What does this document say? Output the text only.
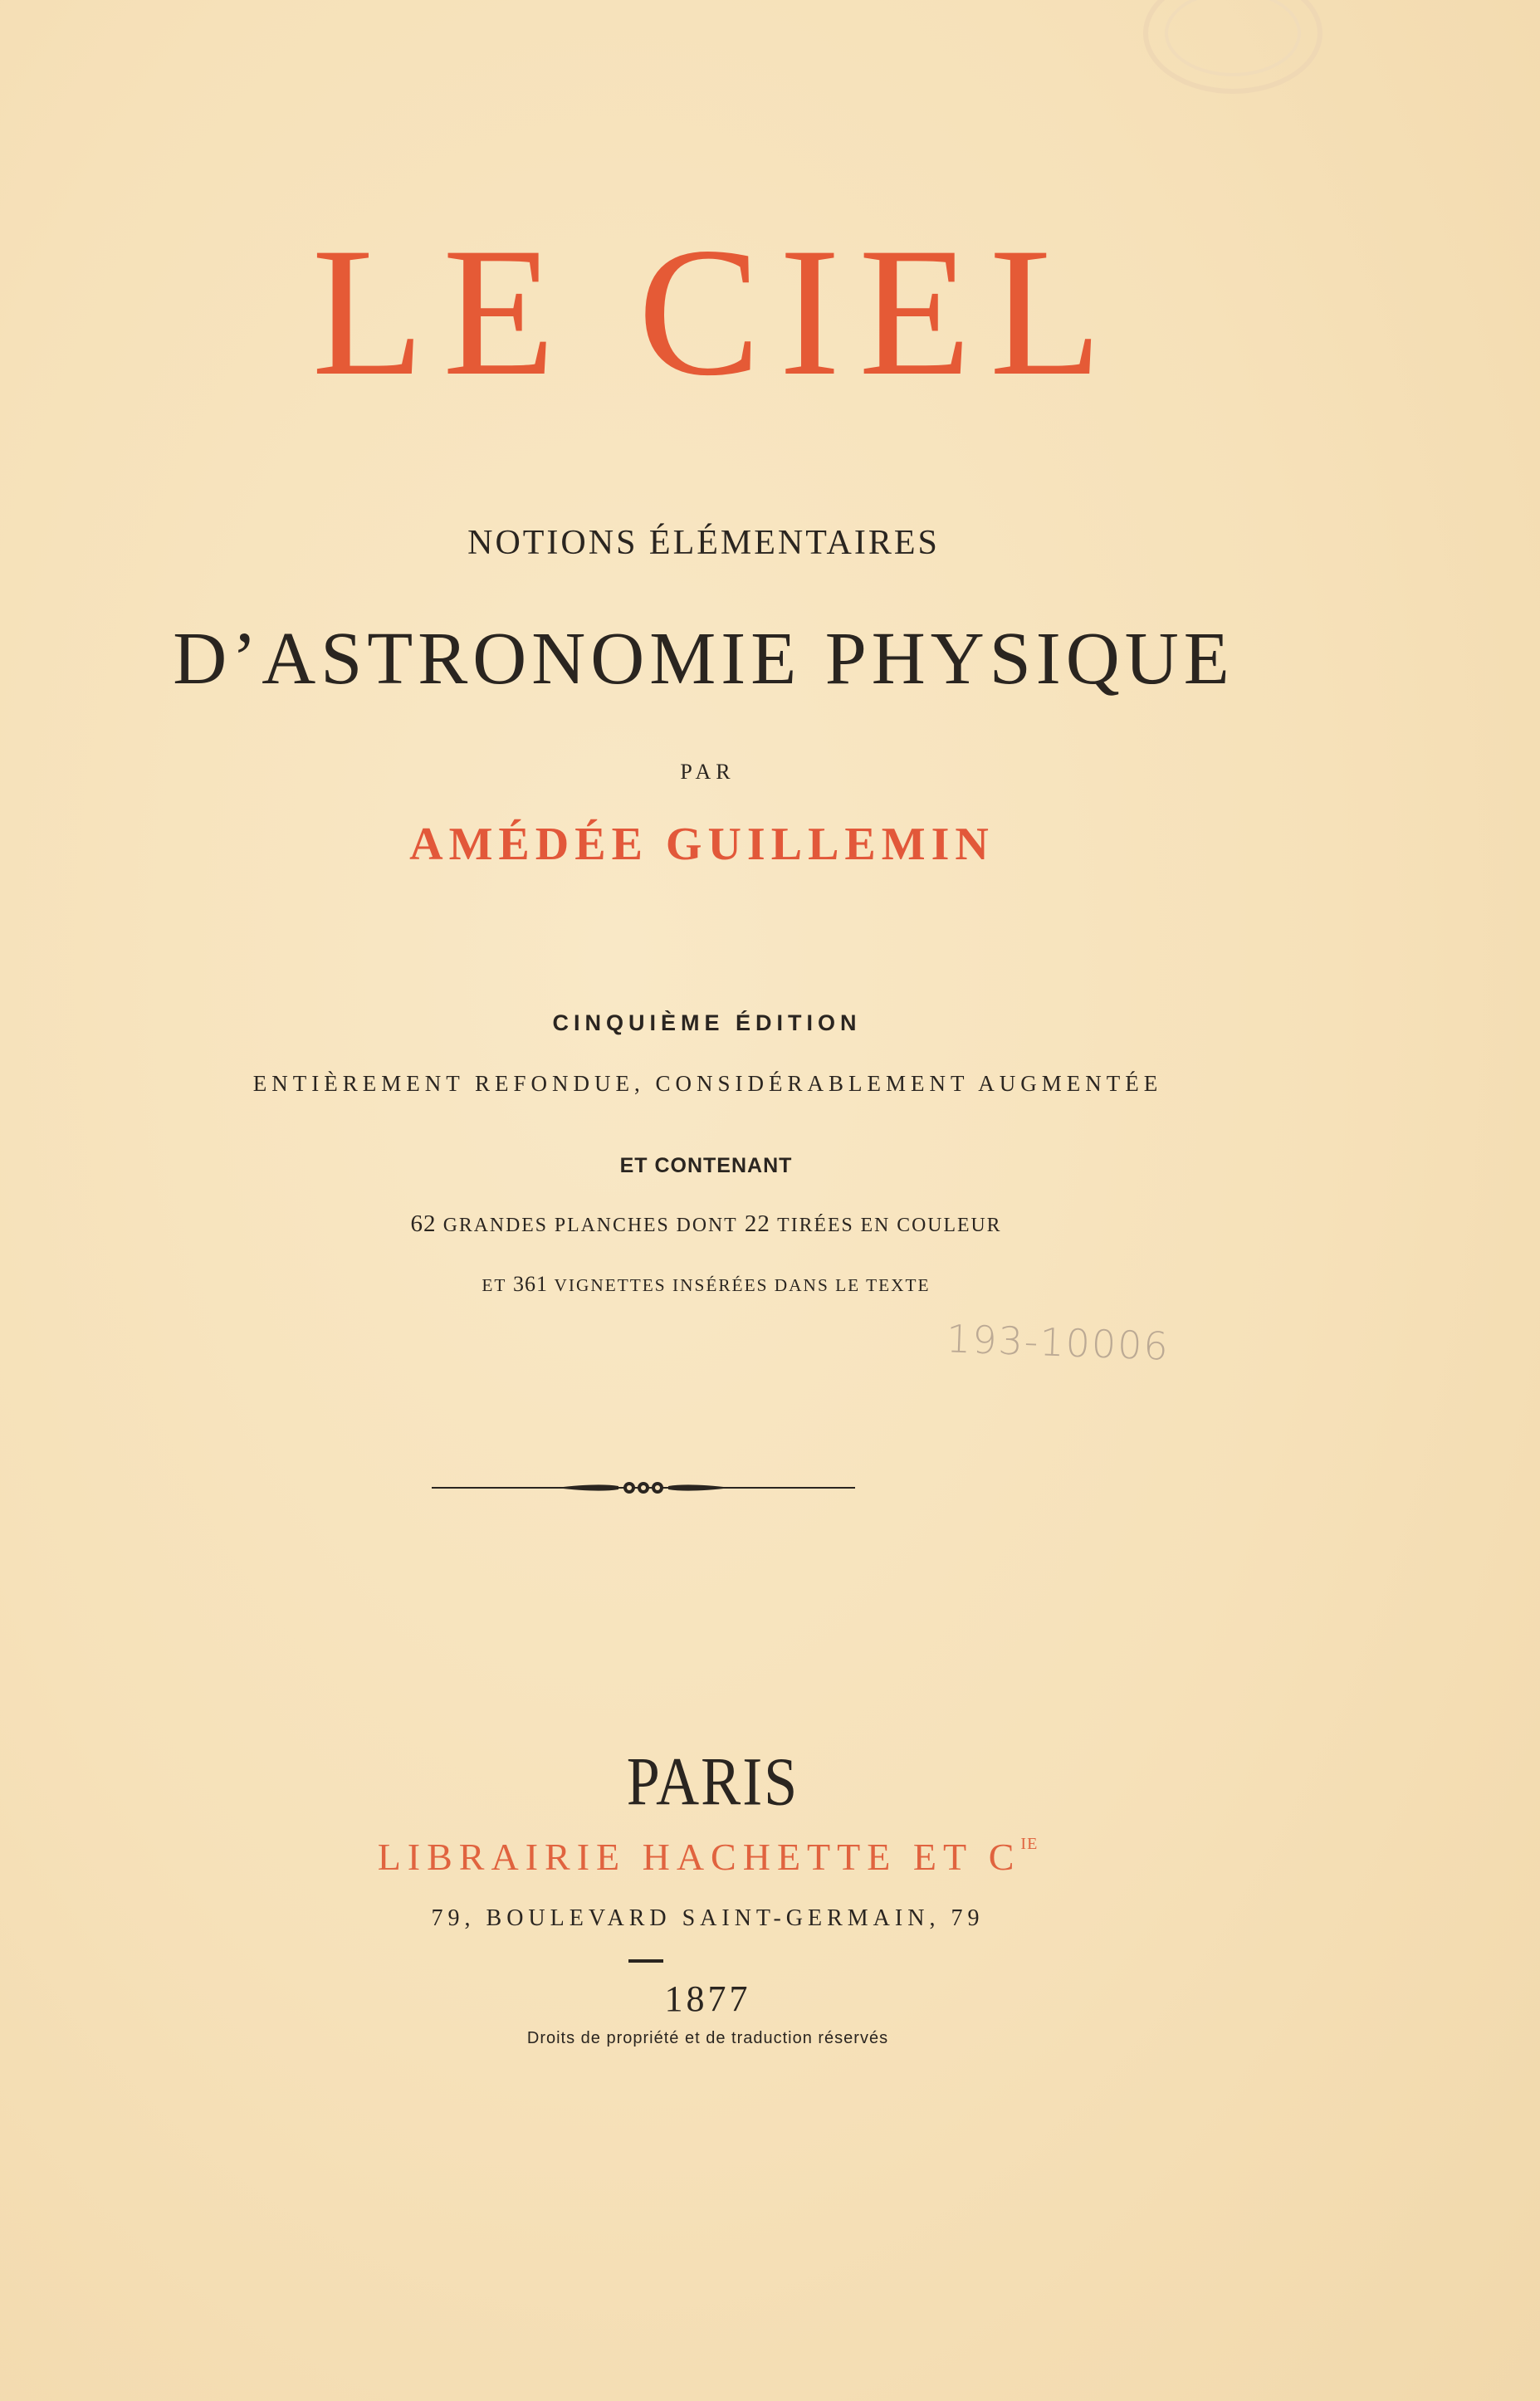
LE CIEL
NOTIONS ÉLÉMENTAIRES
D’ASTRONOMIE PHYSIQUE
PAR
AMÉDÉE GUILLEMIN
CINQUIÈME ÉDITION
ENTIÈREMENT REFONDUE, CONSIDÉRABLEMENT AUGMENTÉE
ET CONTENANT
62 GRANDES PLANCHES DONT 22 TIRÉES EN COULEUR
ET 361 VIGNETTES INSÉRÉES DANS LE TEXTE
193-10006
PARIS
LIBRAIRIE HACHETTE ET $C^{IE}$
79, BOULEVARD SAINT-GERMAIN, 79
1877
Droits de propriété et de traduction réservés
